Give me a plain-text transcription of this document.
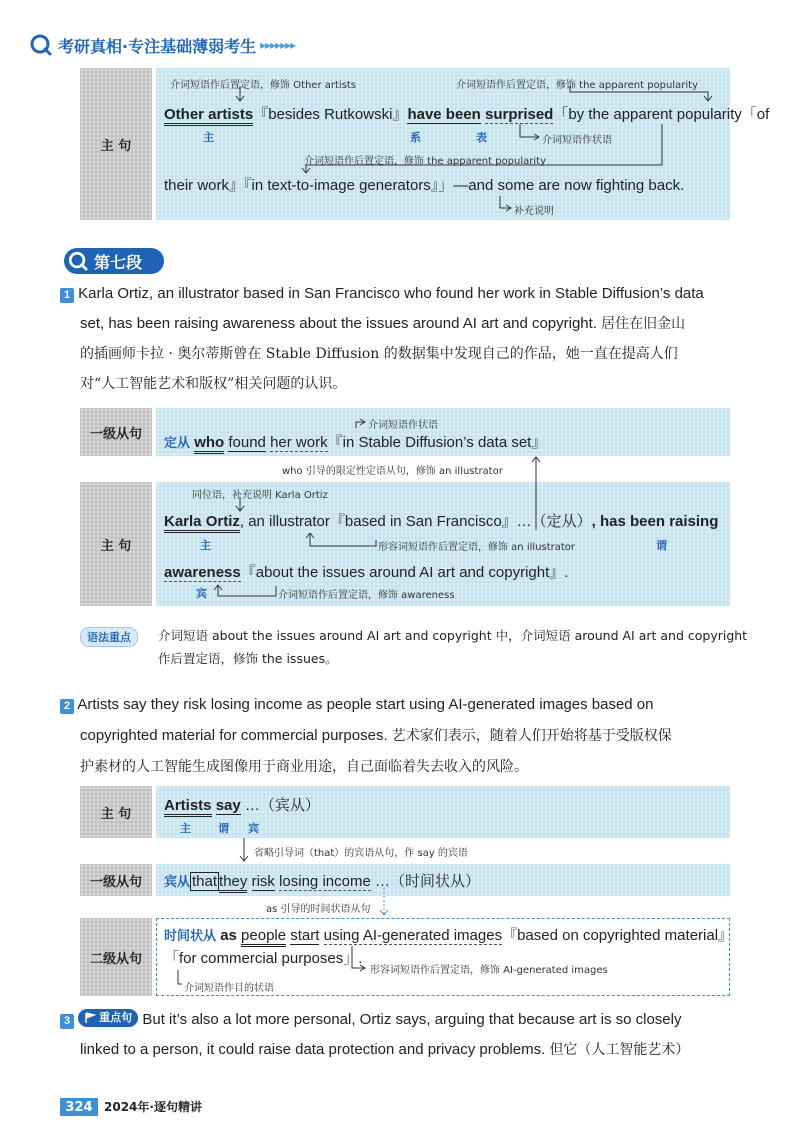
考研真相 ·专注基础薄弱考生 ▸▸▸▸▸▸▸
主 句
介词短语作后置定语，修饰 Other artists	介词短语作后置定语，修饰 the apparent popularity
Other artists『besides Rutkowski』have been surprised「by the apparent popularity「of
主	系	表	介词短语作状语
介词短语作后置定语，修饰 the apparent popularity
their work』『in text-to-image generators』」—and some are now fighting back.
补充说明
第七段
1 Karla Ortiz, an illustrator based in San Francisco who found her work in Stable Diffusion’s data
set, has been raising awareness about the issues around AI art and copyright. 居住在旧金山
的插画师卡拉 · 奥尔蒂斯曾在 Stable Diffusion 的数据集中发现自己的作品，她一直在提高人们
对“人工智能艺术和版权”相关问题的认识。
一级从句
介词短语作状语
定从 who found her work『in Stable Diffusion’s data set』
who 引导的限定性定语从句，修饰 an illustrator
主 句
同位语，补充说明 Karla Ortiz
Karla Ortiz, an illustrator『based in San Francisco』…（定从）, has been raising
主	形容词短语作后置定语，修饰 an illustrator	谓
awareness『about the issues around AI art and copyright』.
宾	介词短语作后置定语，修饰 awareness
语法重点	介词短语 about the issues around AI art and copyright 中，介词短语 around AI art and copyright
作后置定语，修饰 the issues。
2 Artists say they risk losing income as people start using AI-generated images based on
copyrighted material for commercial purposes. 艺术家们表示，随着人们开始将基于受版权保
护素材的人工智能生成图像用于商业用途，自己面临着失去收入的风险。
主 句 Artists say …（宾从）
主 谓 宾
省略引导词（that）的宾语从句，作 say 的宾语
一级从句 宾从 that they risk losing income …（时间状从）
as 引导的时间状语从句
二级从句
时间状从 as people start using AI-generated images『based on copyrighted material』
「for commercial purposes」.
形容词短语作后置定语，修饰 AI-generated images
介词短语作目的状语
3	重点句 But it’s also a lot more personal, Ortiz says, arguing that because art is so closely
linked to a person, it could raise data protection and privacy problems. 但它（人工智能艺术）
324 2024年·逐句精讲
